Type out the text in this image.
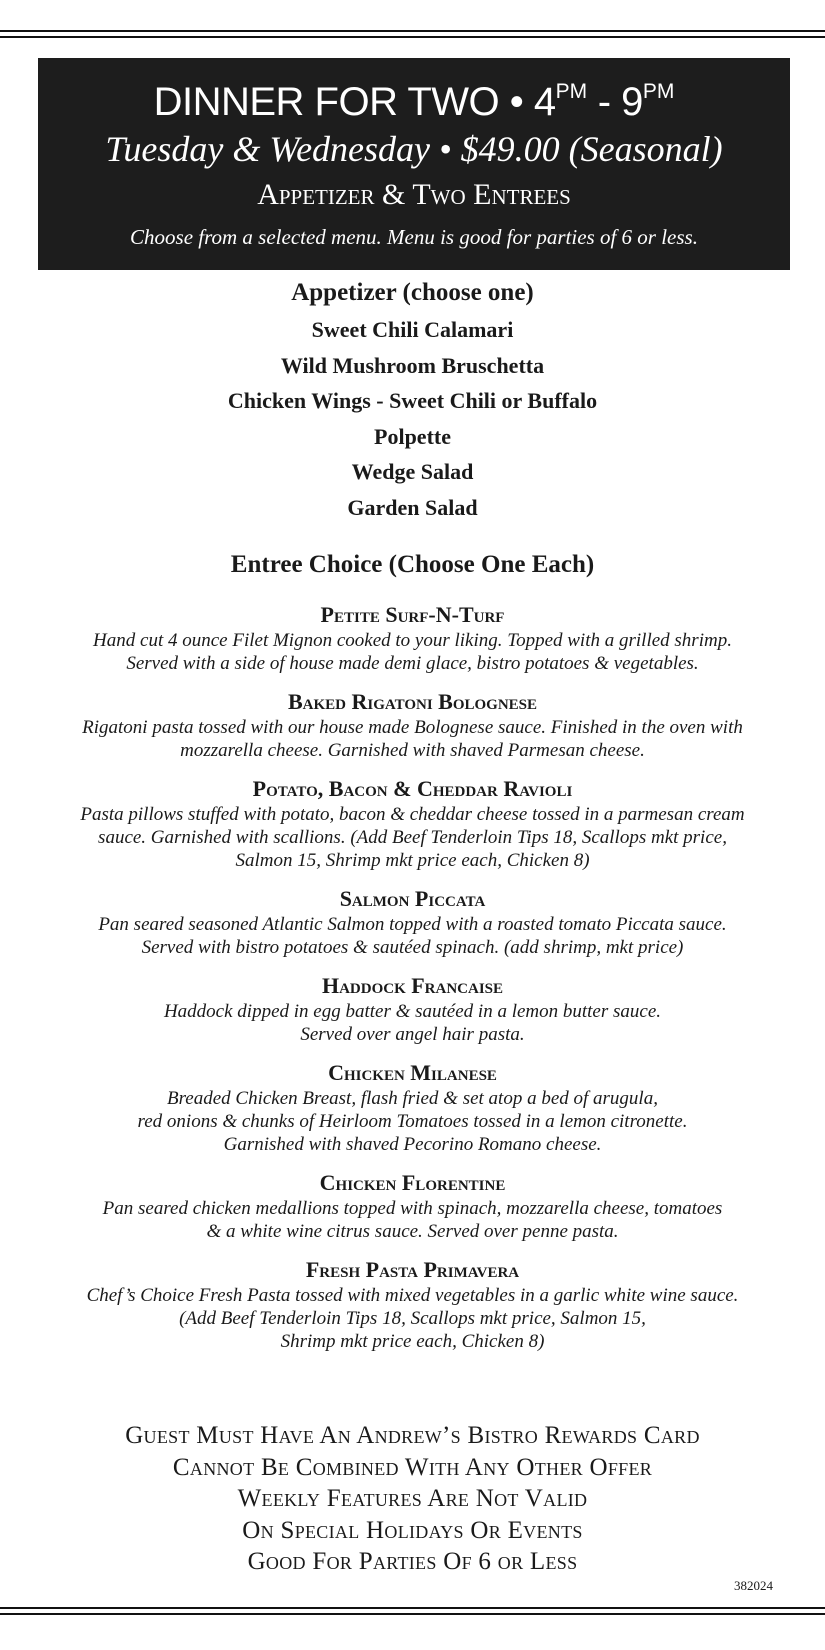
DINNER FOR TWO • $4^{PM} - 9^{PM}$
Tuesday & Wednesday • $49.00 (Seasonal)
Appetizer & Two Entrees
Choose from a selected menu. Menu is good for parties of 6 or less.
Appetizer (choose one)
Sweet Chili Calamari
Wild Mushroom Bruschetta
Chicken Wings - Sweet Chili or Buffalo
Polpette
Wedge Salad
Garden Salad
Entree Choice (Choose One Each)
Petite Surf-N-Turf
Hand cut 4 ounce Filet Mignon cooked to your liking. Topped with a grilled shrimp.
Served with a side of house made demi glace, bistro potatoes & vegetables.
Baked Rigatoni Bolognese
Rigatoni pasta tossed with our house made Bolognese sauce. Finished in the oven with
mozzarella cheese. Garnished with shaved Parmesan cheese.
Potato, Bacon & Cheddar Ravioli
Pasta pillows stuffed with potato, bacon & cheddar cheese tossed in a parmesan cream
sauce. Garnished with scallions. (Add Beef Tenderloin Tips 18, Scallops mkt price,
Salmon 15, Shrimp mkt price each, Chicken 8)
Salmon Piccata
Pan seared seasoned Atlantic Salmon topped with a roasted tomato Piccata sauce.
Served with bistro potatoes & sautéed spinach. (add shrimp, mkt price)
Haddock Francaise
Haddock dipped in egg batter & sautéed in a lemon butter sauce.
Served over angel hair pasta.
Chicken Milanese
Breaded Chicken Breast, flash fried & set atop a bed of arugula,
red onions & chunks of Heirloom Tomatoes tossed in a lemon citronette.
Garnished with shaved Pecorino Romano cheese.
Chicken Florentine
Pan seared chicken medallions topped with spinach, mozzarella cheese, tomatoes
& a white wine citrus sauce. Served over penne pasta.
Fresh Pasta Primavera
Chef’s Choice Fresh Pasta tossed with mixed vegetables in a garlic white wine sauce.
(Add Beef Tenderloin Tips 18, Scallops mkt price, Salmon 15,
Shrimp mkt price each, Chicken 8)
Guest Must Have An Andrew’s Bistro Rewards Card
Cannot Be Combined With Any Other Offer
Weekly Features Are Not Valid
On Special Holidays Or Events
Good For Parties Of 6 or Less
382024
